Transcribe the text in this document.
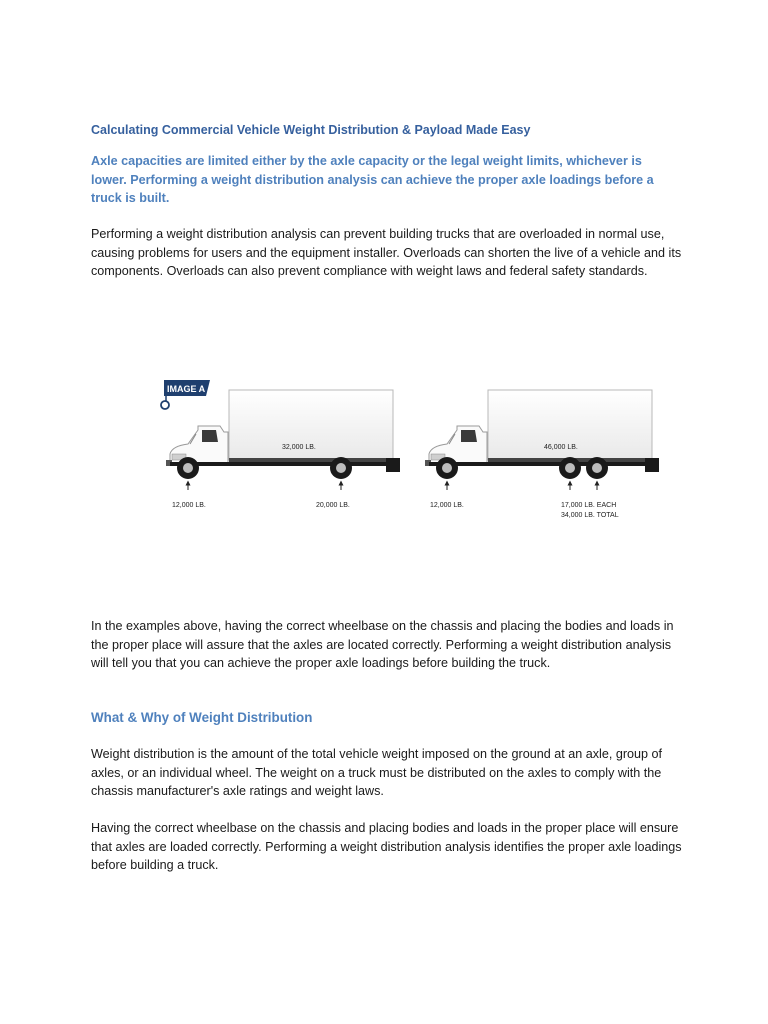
Calculating Commercial Vehicle Weight Distribution & Payload Made Easy
Axle capacities are limited either by the axle capacity or the legal weight limits, whichever is lower. Performing a weight distribution analysis can achieve the proper axle loadings before a truck is built.
Performing a weight distribution analysis can prevent building trucks that are overloaded in normal use, causing problems for users and the equipment installer. Overloads can shorten the live of a vehicle and its components. Overloads can also prevent compliance with weight laws and federal safety standards.
IMAGE A
32,000 LB.
12,000 LB.	20,000 LB.
46,000 LB.
12,000 LB.	17,000 LB. EACH
34,000 LB. TOTAL
In the examples above, having the correct wheelbase on the chassis and placing the bodies and loads in the proper place will assure that the axles are located correctly. Performing a weight distribution analysis will tell you that you can achieve the proper axle loadings before building the truck.
What & Why of Weight Distribution
Weight distribution is the amount of the total vehicle weight imposed on the ground at an axle, group of axles, or an individual wheel. The weight on a truck must be distributed on the axles to comply with the chassis manufacturer's axle ratings and weight laws.
Having the correct wheelbase on the chassis and placing bodies and loads in the proper place will ensure that axles are loaded correctly. Performing a weight distribution analysis identifies the proper axle loadings before building a truck.
